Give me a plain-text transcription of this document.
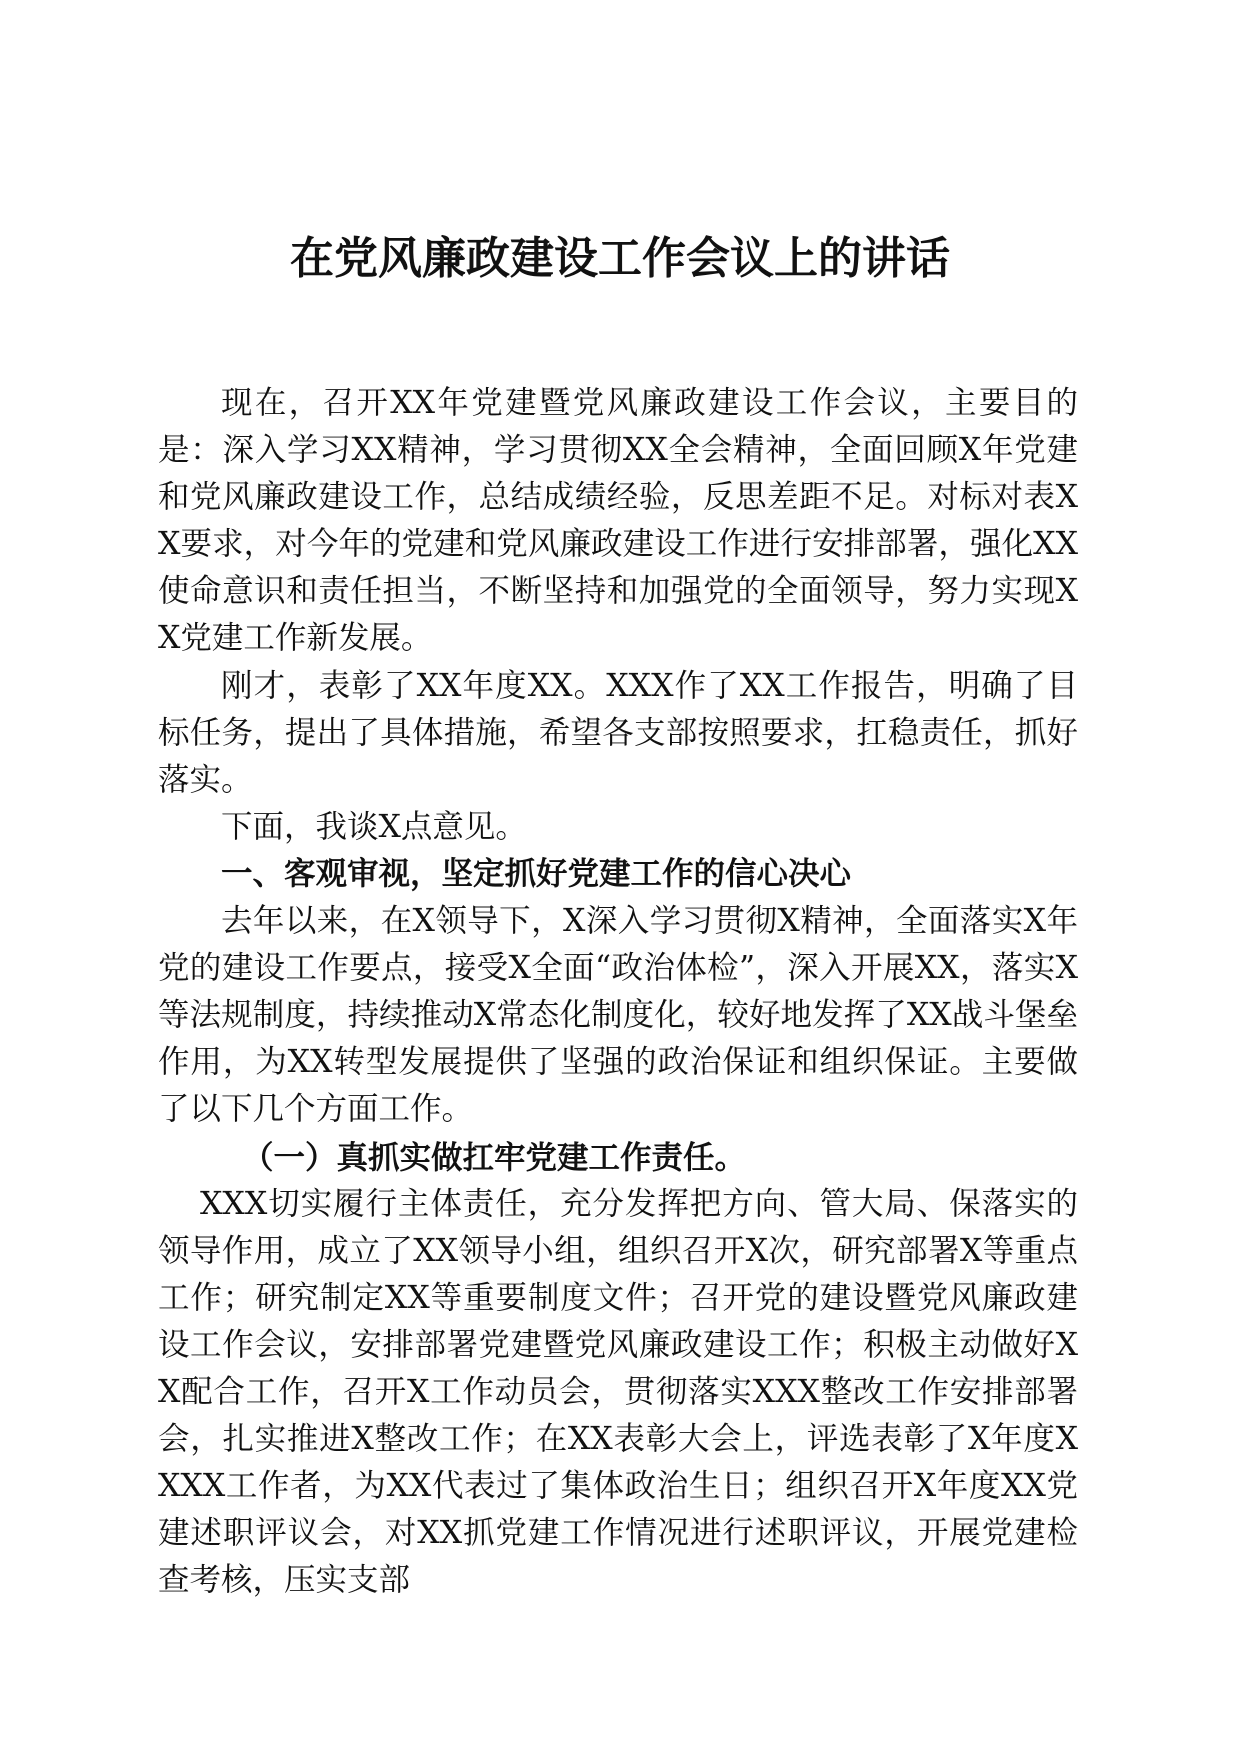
在党风廉政建设工作会议上的讲话

现在，召开XX年党建暨党风廉政建设工作会议，主要目的是：深入学习XX精神，学习贯彻XX全会精神，全面回顾X年党建和党风廉政建设工作，总结成绩经验，反思差距不足。对标对表XX要求，对今年的党建和党风廉政建设工作进行安排部署，强化XX使命意识和责任担当，不断坚持和加强党的全面领导，努力实现XX党建工作新发展。

刚才，表彰了XX年度XX。XXX作了XX工作报告，明确了目标任务，提出了具体措施，希望各支部按照要求，扛稳责任，抓好落实。

下面，我谈X点意见。

一、客观审视，坚定抓好党建工作的信心决心

去年以来，在X领导下，X深入学习贯彻X精神，全面落实X年党的建设工作要点，接受X全面“政治体检”，深入开展XX，落实X等法规制度，持续推动X常态化制度化，较好地发挥了XX战斗堡垒作用，为XX转型发展提供了坚强的政治保证和组织保证。主要做了以下几个方面工作。

（一）真抓实做扛牢党建工作责任。

XXX切实履行主体责任，充分发挥把方向、管大局、保落实的领导作用，成立了XX领导小组，组织召开X次，研究部署X等重点工作；研究制定XX等重要制度文件；召开党的建设暨党风廉政建设工作会议，安排部署党建暨党风廉政建设工作；积极主动做好XX配合工作，召开X工作动员会，贯彻落实XXX整改工作安排部署会，扎实推进X整改工作；在XX表彰大会上，评选表彰了X年度XXXX工作者，为XX代表过了集体政治生日；组织召开X年度XX党建述职评议会，对XX抓党建工作情况进行述职评议，开展党建检查考核，压实支部
